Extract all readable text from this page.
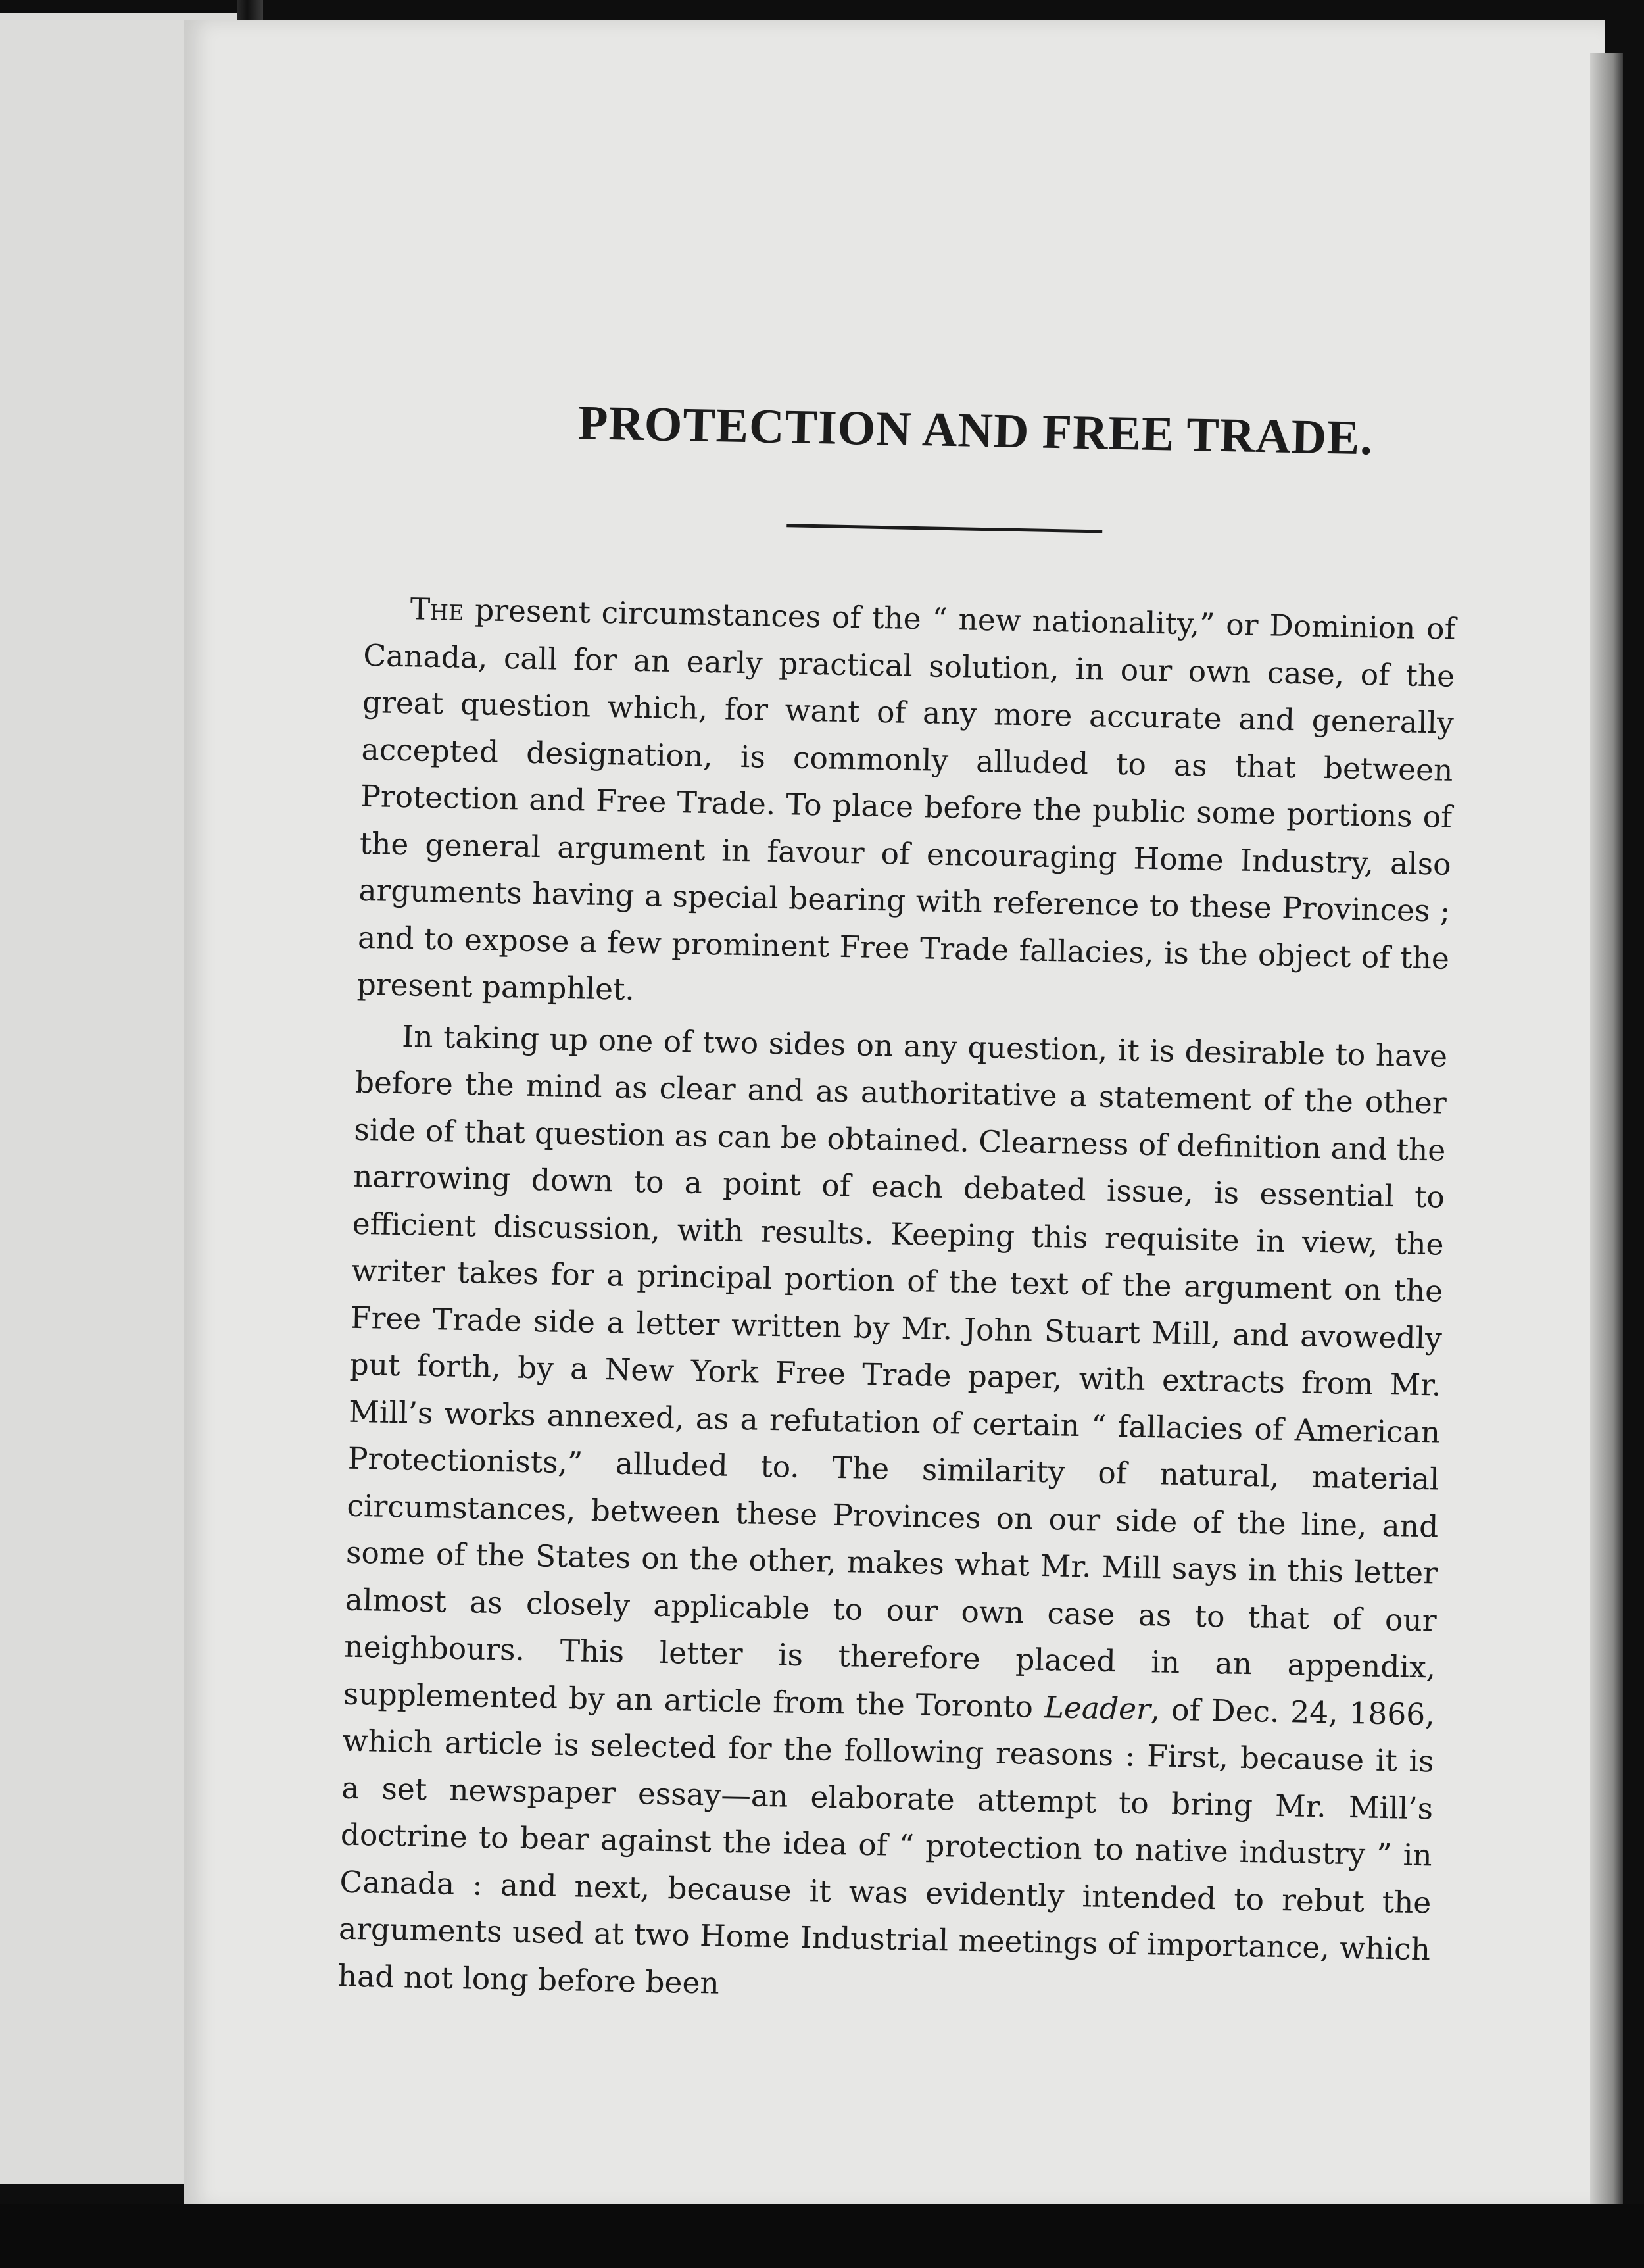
PROTECTION AND FREE TRADE.

The present circumstances of the “ new nationality,” or Dominion of Canada, call for an early practical solution, in our own case, of the great question which, for want of any more accurate and generally accepted designation, is commonly alluded to as that between Protection and Free Trade. To place before the public some portions of the general argument in favour of encouraging Home Industry, also arguments having a special bearing with reference to these Provinces ; and to expose a few prominent Free Trade fallacies, is the object of the present pamphlet.

In taking up one of two sides on any question, it is desirable to have before the mind as clear and as authoritative a statement of the other side of that question as can be obtained. Clearness of definition and the narrowing down to a point of each debated issue, is essential to efficient discussion, with results. Keeping this requisite in view, the writer takes for a principal portion of the text of the argument on the Free Trade side a letter written by Mr. John Stuart Mill, and avowedly put forth, by a New York Free Trade paper, with extracts from Mr. Mill’s works annexed, as a refutation of certain “ fallacies of American Protectionists,” alluded to. The similarity of natural, material circumstances, between these Provinces on our side of the line, and some of the States on the other, makes what Mr. Mill says in this letter almost as closely applicable to our own case as to that of our neighbours. This letter is therefore placed in an appendix, supplemented by an article from the Toronto Leader, of Dec. 24, 1866, which article is selected for the following reasons : First, because it is a set newspaper essay—an elaborate attempt to bring Mr. Mill’s doctrine to bear against the idea of “ protection to native industry ” in Canada : and next, because it was evidently intended to rebut the arguments used at two Home Industrial meetings of importance, which had not long before been
